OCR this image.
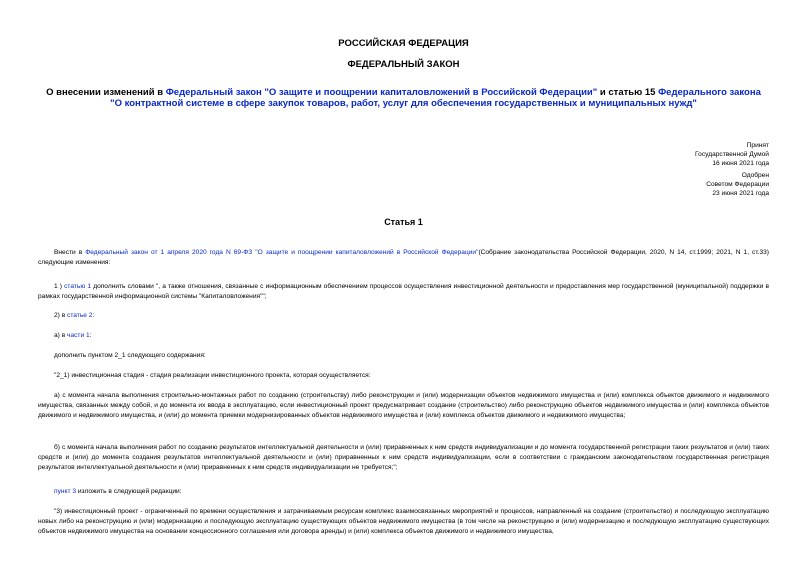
РОССИЙСКАЯ ФЕДЕРАЦИЯ
ФЕДЕРАЛЬНЫЙ ЗАКОН
О внесении изменений в Федеральный закон "О защите и поощрении капиталовложений в Российской Федерации" и статью 15 Федерального закона "О контрактной системе в сфере закупок товаров, работ, услуг для обеспечения государственных и муниципальных нужд"
Принят
Государственной Думой
16 июня 2021 года
Одобрен
Советом Федерации
23 июня 2021 года
Статья 1
Внести в Федеральный закон от 1 апреля 2020 года N 69-ФЗ "О защите и поощрении капиталовложений в Российской Федерации"(Собрание законодательства Российской Федерации, 2020, N 14, ст.1999; 2021, N 1, ст.33) следующие изменения:
1 ) статью 1 дополнить словами ", а также отношения, связанные с информационным обеспечением процессов осуществления инвестиционной деятельности и предоставления мер государственной (муниципальной) поддержки в рамках государственной информационной системы "Капиталовложения"";
2) в статье 2:
а) в части 1:
дополнить пунктом 2_1 следующего содержания:
"2_1) инвестиционная стадия - стадия реализации инвестиционного проекта, которая осуществляется:
а) с момента начала выполнения строительно-монтажных работ по созданию (строительству) либо реконструкции и (или) модернизации объектов недвижимого имущества и (или) комплекса объектов движимого и недвижимого имущества, связанных между собой, и до момента их ввода в эксплуатацию, если инвестиционный проект предусматривает создание (строительство) либо реконструкцию объектов недвижимого имущества и (или) комплекса объектов движимого и недвижимого имущества, и (или) до момента приемки модернизированных объектов недвижимого имущества и (или) комплекса объектов движимого и недвижимого имущества;
б) с момента начала выполнения работ по созданию результатов интеллектуальной деятельности и (или) приравненных к ним средств индивидуализации и до момента государственной регистрации таких результатов и (или) таких средств и (или) до момента создания результатов интеллектуальной деятельности и (или) приравненных к ним средств индивидуализации, если в соответствии с гражданским законодательством государственная регистрация результатов интеллектуальной деятельности и (или) приравненных к ним средств индивидуализации не требуется;";
пункт 3 изложить в следующей редакции:
"3) инвестиционный проект - ограниченный по времени осуществления и затрачиваемым ресурсам комплекс взаимосвязанных мероприятий и процессов, направленный на создание (строительство) и последующую эксплуатацию новых либо на реконструкцию и (или) модернизацию и последующую эксплуатацию существующих объектов недвижимого имущества (в том числе на реконструкцию и (или) модернизацию и последующую эксплуатацию существующих объектов недвижимого имущества на основании концессионного соглашения или договора аренды) и (или) комплекса объектов движимого и недвижимого имущества,
